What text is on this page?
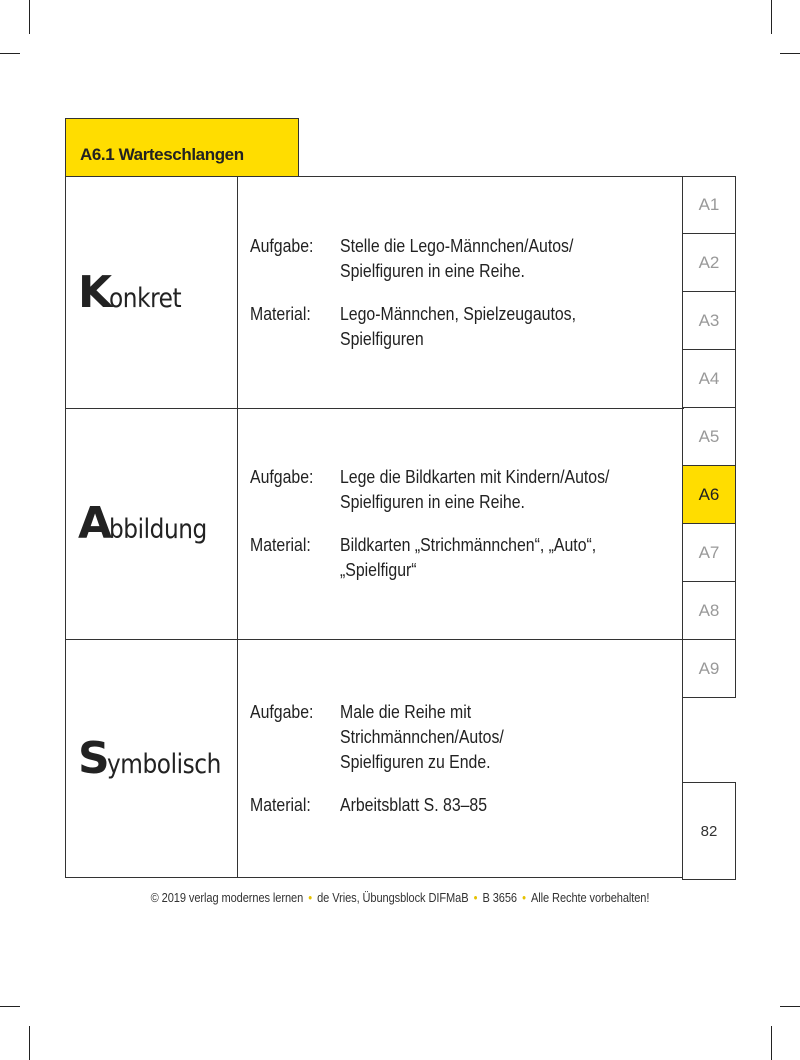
A6.1 Warteschlangen
K onkret
Aufgabe:	Stelle die Lego-Männchen/Autos/
Spielfiguren in eine Reihe.
Material:	Lego-Männchen, Spielzeugautos, Spielfiguren
A bbildung
Aufgabe:	Lege die Bildkarten mit Kindern/Autos/
Spielfiguren in eine Reihe.
Material:	Bildkarten „Strichmännchen“, „Auto“,
„Spielfigur“
S ymbolisch
Aufgabe:	Male die Reihe mit Strichmännchen/Autos/
Spielfiguren zu Ende.
Material:	Arbeitsblatt S. 83–85
A1
A2
A3
A4
A5
A6
A7
A8
A9
82
© 2019 verlag modernes lernen • de Vries, Übungsblock DIFMaB • B 3656 • Alle Rechte vorbehalten!
